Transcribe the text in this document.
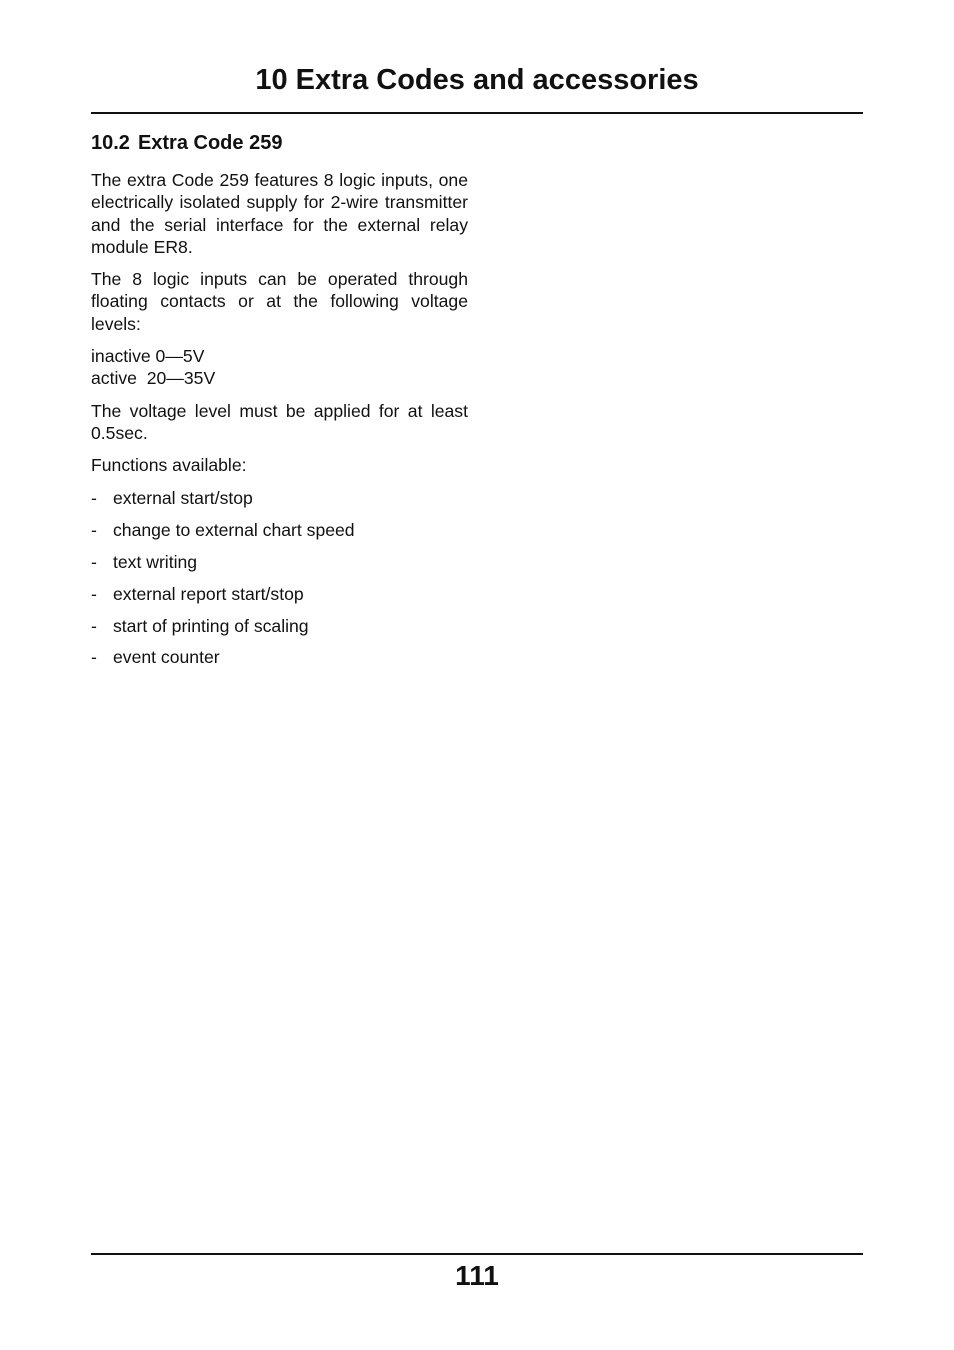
10 Extra Codes and accessories
10.2 Extra Code 259

The extra Code 259 features 8 logic inputs, one electrically isolated supply for 2-wire transmitter and the serial interface for the external relay module ER8.

The 8 logic inputs can be operated through floating contacts or at the following voltage levels:

inactive 0—5V
active  20—35V

The voltage level must be applied for at least 0.5sec.

Functions available:

- external start/stop
- change to external chart speed
- text writing
- external report start/stop
- start of printing of scaling
- event counter
111
